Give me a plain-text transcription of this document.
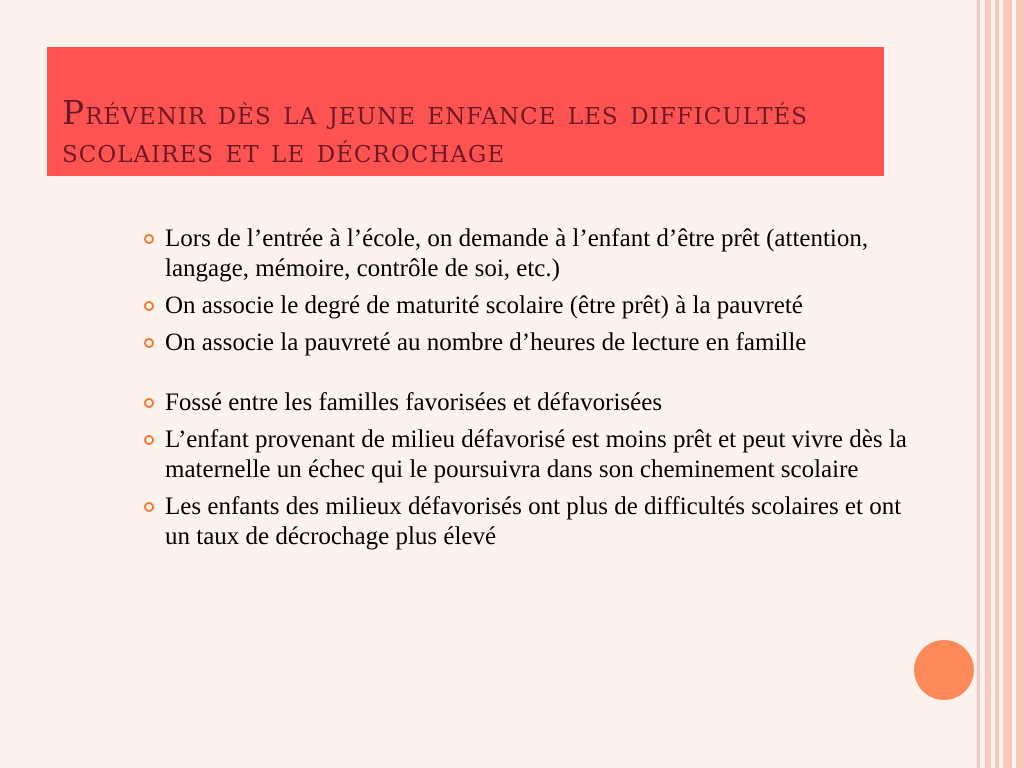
Prévenir dès la jeune enfance les difficultés scolaires et le décrochage
Lors de l’entrée à l’école, on demande à l’enfant d’être prêt (attention, langage, mémoire, contrôle de soi, etc.)
On associe le degré de maturité scolaire (être prêt) à la pauvreté
On associe la pauvreté au nombre d’heures de lecture en famille
Fossé entre les familles favorisées et défavorisées
L’enfant provenant de milieu défavorisé est moins prêt et peut vivre dès la maternelle un échec qui le poursuivra dans son cheminement scolaire
Les enfants des milieux défavorisés ont plus de difficultés scolaires et ont un taux de décrochage plus élevé
